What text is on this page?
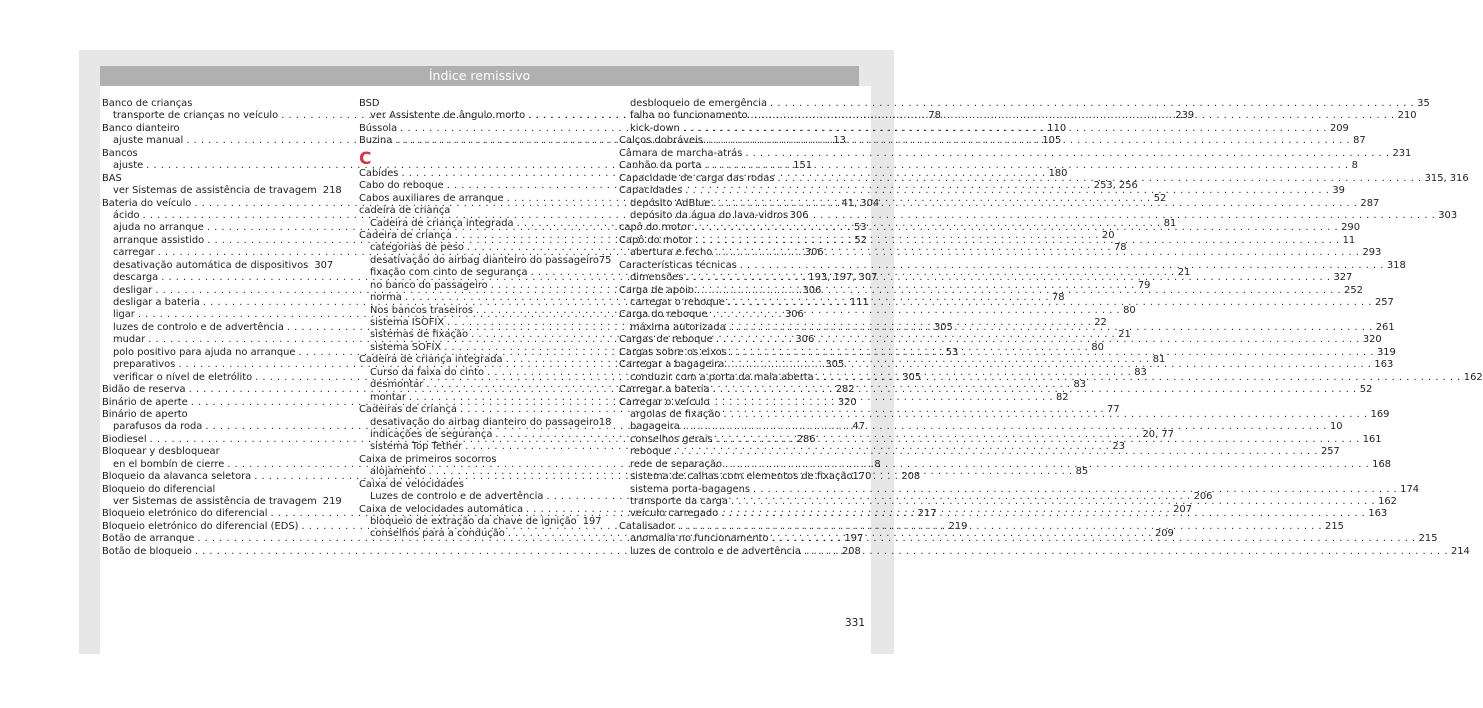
Índice remissivo
Banco de crianças
transporte de crianças no veículo . . .	78
Banco dianteiro
ajuste manual . . .	13
Bancos
ajuste . . .	151
BAS
ver Sistemas de assistência de travagem 218
Bateria do veículo . . .	41, 304
ácido . . .	306
ajuda no arranque . . .	53
arranque assistido . . .	52
carregar . . .	306
desativação automática de dispositivos 307
descarga . . .	193, 197, 307
desligar . . .	306
desligar a bateria . . .	111
ligar . . .	306
luzes de controlo e de advertência . . .	305
mudar . . .	306
polo positivo para ajuda no arranque . . .	53
preparativos . . .	305
verificar o nível de eletrólito . . .	305
Bidão de reserva . . .	282
Binário de aperte . . .	320
Binário de aperto
parafusos da roda . . .	47
Biodiesel . . .	286
Bloquear y desbloquear
en el bombín de cierre . . .	8
Bloqueio da alavanca seletora . . .	208
Bloqueio do diferencial
ver Sistemas de assistência de travagem 219
Bloqueio eletrónico do diferencial . . .	217
Bloqueio eletrónico do diferencial (EDS) . . .	219
Botão de arranque . . .	197
Botão de bloqueio . . .	208
BSD
ver Assistente de ângulo morto . . .	239
Bússola . . .	110
Buzina . . .	105
C
Cabides . . .	180
Cabo do reboque . . .	253, 256
Cabos auxiliares de arranque . . .	52
cadeira de criança
Cadeira de criança integrada . . .	81
Cadeira de criança . . .	20
categorias de peso . . .	78
desativação do airbag dianteiro do passageiro 75
fixação com cinto de segurança . . .	21
no banco do passageiro . . .	79
norma . . .	78
Nos bancos traseiros . . .	80
sistema ISOFIX . . .	22
sistemas de fixação . . .	21
sistema SOFIX . . .	80
Cadeira de criança integrada . . .	81
Curso da faixa do cinto . . .	83
desmontar . . .	83
montar . . .	82
Cadeiras de criança . . .	77
desativação do airbag dianteiro do passageiro 18
indicações de segurança . . .	20, 77
sistema Top Tether . . .	23
Caixa de primeiros socorros
alojamento . . .	85
Caixa de velocidades
Luzes de controlo e de advertência . . .	206
Caixa de velocidades automática . . .	207
bloqueio de extração da chave de ignição 197
conselhos para a condução . . .	209
desbloqueio de emergência . . .	35
falha no funcionamento . . .	210
kick-down . . .	209
Calços dobráveis . . .	87
Câmara de marcha-atrás . . .	231
Canhão da porta . . .	8
Capacidade de carga das rodas . . .	315, 316
Capacidades . . .	39
depósito AdBlue . . .	287
depósito da água do lava-vidros . . .	303
capô do motor . . .	290
Capô do motor . . .	11
abertura e fecho . . .	293
Características técnicas . . .	318
dimensões . . .	327
Carga de apoio . . .	252
carregar o reboque . . .	257
Carga do reboque
máxima autorizada . . .	261
Cargas de reboque . . .	320
Cargas sobre os eixos . . .	319
Carregar a bagageira . . .	163
conduzir com a porta da mala aberta . . .	162
Carregar a bateria . . .	52
Carregar o veículo
argolas de fixação . . .	169
bagageira . . .	10
conselhos gerais . . .	161
reboque . . .	257
rede de separação . . .	168
sistema de calhas com elementos de fixação 170
sistema porta-bagagens . . .	174
transporte da carga . . .	162
veículo carregado . . .	163
Catalisador . . .	215
anomalia no funcionamento . . .	215
luzes de controlo e de advertência . . .	214
331
